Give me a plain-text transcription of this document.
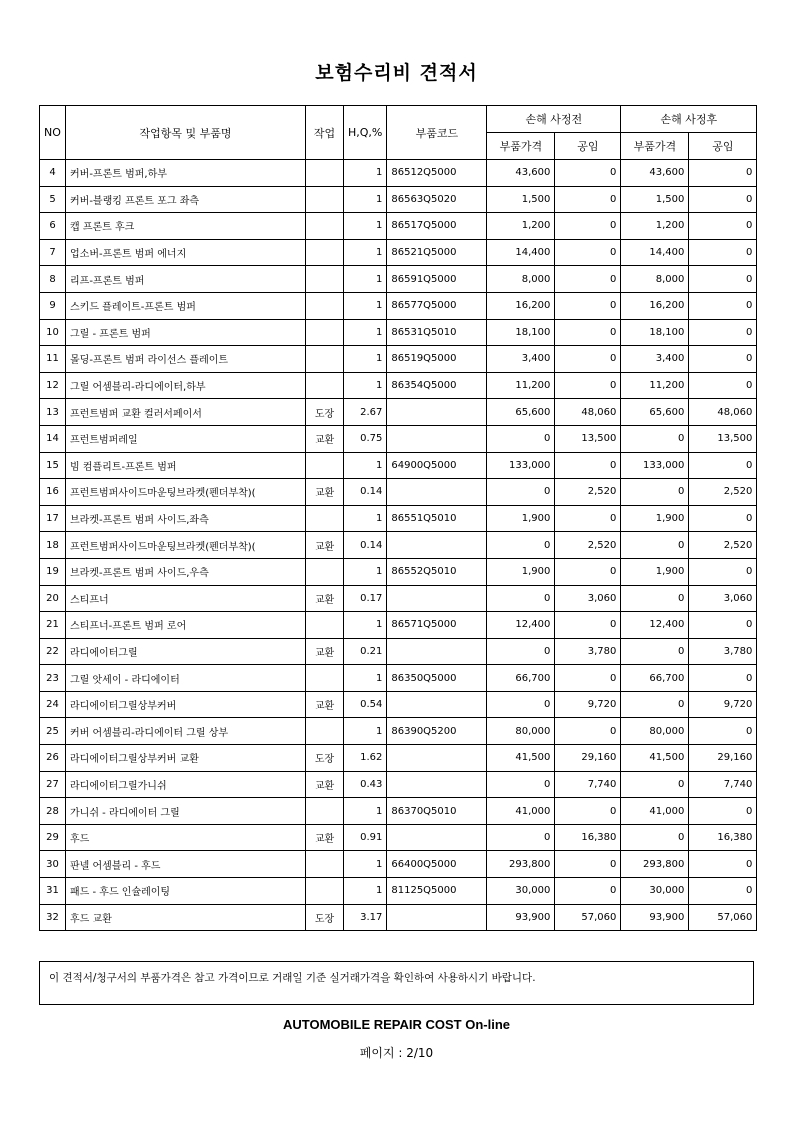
보험수리비 견적서
NO	작업항목 및 부품명	작업	H,Q,%	부품코드	손해 사정전		손해 사정후	
					부품가격	공임	부품가격	공임
4	커버-프론트 범퍼,하부		1	86512Q5000	43,600	0	43,600	0
5	커버-블랭킹 프론트 포그 좌측		1	86563Q5020	1,500	0	1,500	0
6	캡 프론트 후크		1	86517Q5000	1,200	0	1,200	0
7	업소버-프론트 범퍼 에너지		1	86521Q5000	14,400	0	14,400	0
8	리프-프론트 범퍼		1	86591Q5000	8,000	0	8,000	0
9	스키드 플레이트-프론트 범퍼		1	86577Q5000	16,200	0	16,200	0
10	그릴 - 프론트 범퍼		1	86531Q5010	18,100	0	18,100	0
11	몰딩-프론트 범퍼 라이선스 플레이트		1	86519Q5000	3,400	0	3,400	0
12	그릴 어셈블리-라디에이터,하부		1	86354Q5000	11,200	0	11,200	0
13	프런트범퍼 교환 컬러서페이서	도장	2.67		65,600	48,060	65,600	48,060
14	프런트범퍼레일	교환	0.75		0	13,500	0	13,500
15	빔 컴플리트-프론트 범퍼		1	64900Q5000	133,000	0	133,000	0
16	프런트범퍼사이드마운팅브라켓(펜더부착)(	교환	0.14		0	2,520	0	2,520
17	브라켓-프론트 범퍼 사이드,좌측		1	86551Q5010	1,900	0	1,900	0
18	프런트범퍼사이드마운팅브라켓(펜더부착)(	교환	0.14		0	2,520	0	2,520
19	브라켓-프론트 범퍼 사이드,우측		1	86552Q5010	1,900	0	1,900	0
20	스티프너	교환	0.17		0	3,060	0	3,060
21	스티프너-프론트 범퍼 로어		1	86571Q5000	12,400	0	12,400	0
22	라디에이터그릴	교환	0.21		0	3,780	0	3,780
23	그릴 앗세이 - 라디에이터		1	86350Q5000	66,700	0	66,700	0
24	라디에이터그릴상부커버	교환	0.54		0	9,720	0	9,720
25	커버 어셈블리-라디에이터 그릴 상부		1	86390Q5200	80,000	0	80,000	0
26	라디에이터그릴상부커버 교환	도장	1.62		41,500	29,160	41,500	29,160
27	라디에이터그릴가니쉬	교환	0.43		0	7,740	0	7,740
28	가니쉬 - 라디에이터 그릴		1	86370Q5010	41,000	0	41,000	0
29	후드	교환	0.91		0	16,380	0	16,380
30	판넬 어셈블리 - 후드		1	66400Q5000	293,800	0	293,800	0
31	패드 - 후드 인슐레이팅		1	81125Q5000	30,000	0	30,000	0
32	후드 교환	도장	3.17		93,900	57,060	93,900	57,060
이 견적서/청구서의 부품가격은 참고 가격이므로 거래일 기준 실거래가격을 확인하여 사용하시기 바랍니다.
AUTOMOBILE REPAIR COST On-line
페이지 : 2/10
